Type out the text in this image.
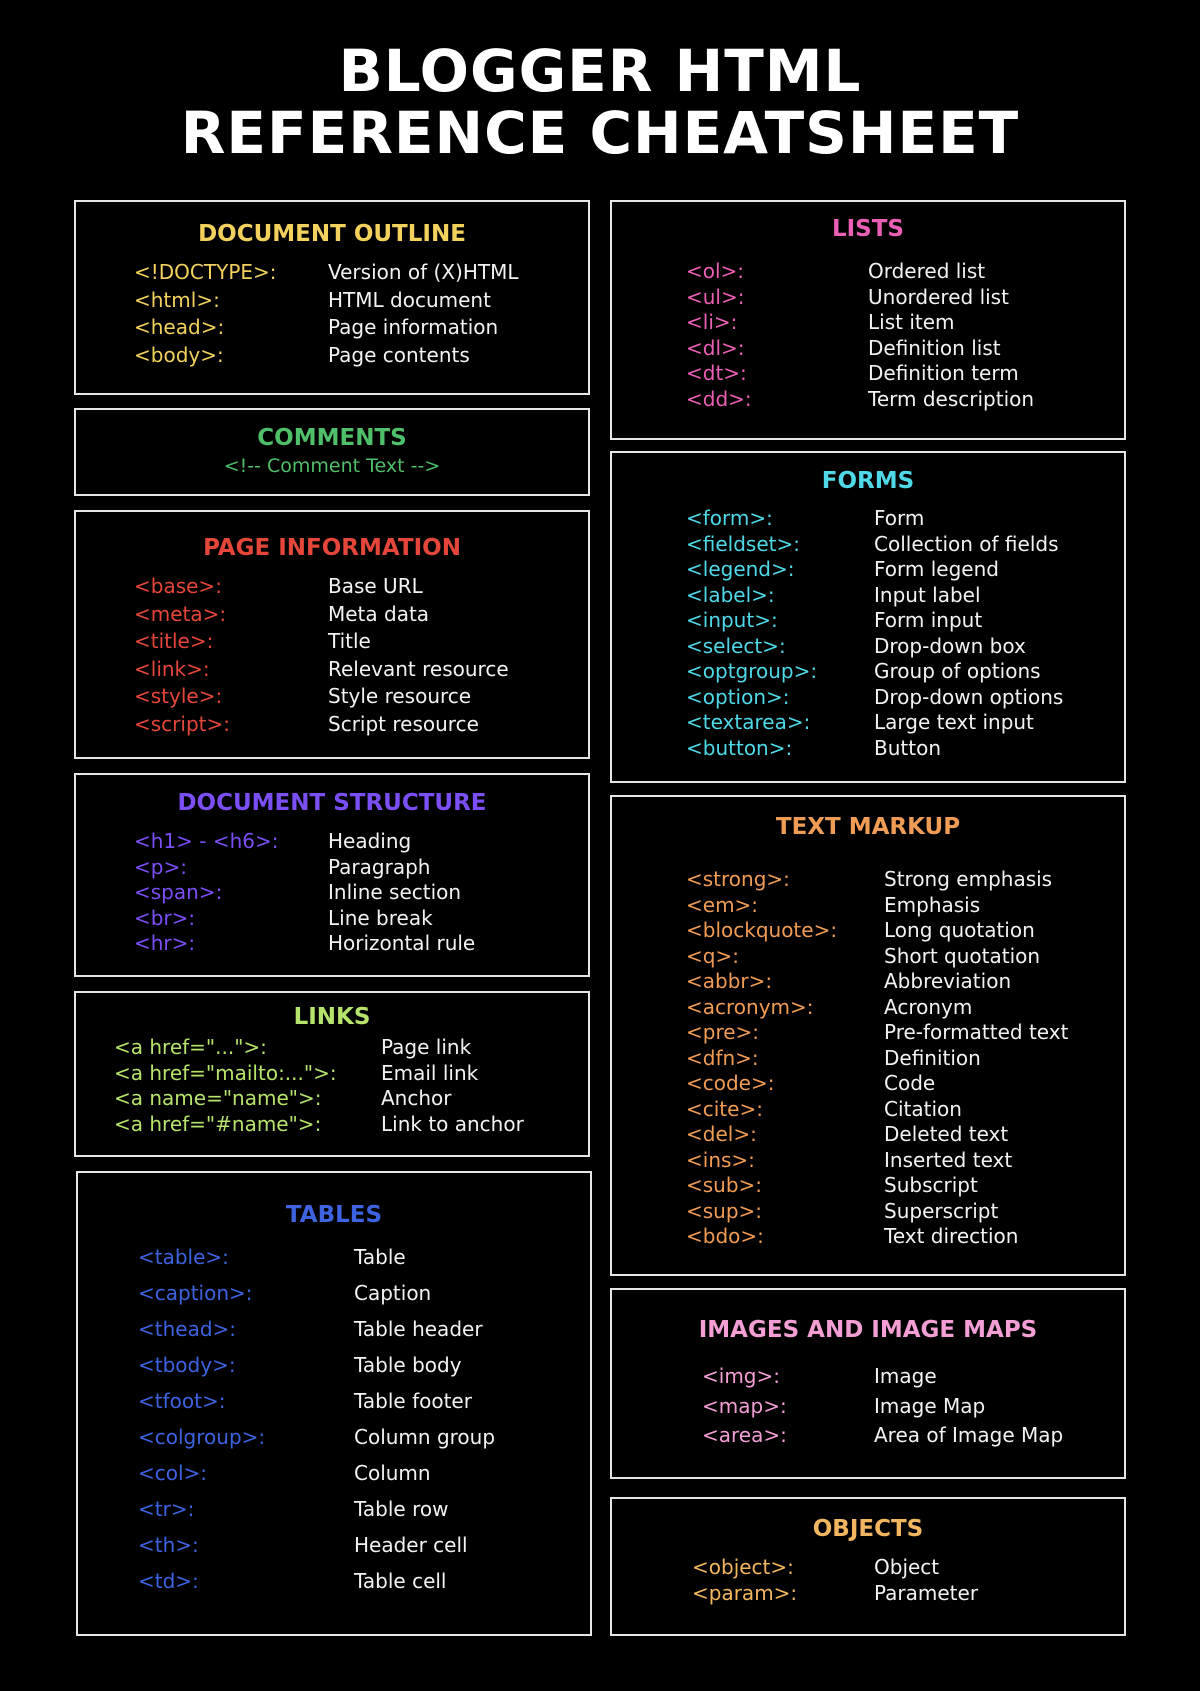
BLOGGER HTML
REFERENCE CHEATSHEET
DOCUMENT OUTLINE
<!DOCTYPE>:	Version of (X)HTML
<html>:	HTML document
<head>:	Page information
<body>:	Page contents
COMMENTS
<!-- Comment Text -->
PAGE INFORMATION
<base>:	Base URL
<meta>:	Meta data
<title>:	Title
<link>:	Relevant resource
<style>:	Style resource
<script>:	Script resource
DOCUMENT STRUCTURE
<h1> - <h6>: Heading
<p>:	Paragraph
<span>:	Inline section
<br>:	Line break
<hr>:	Horizontal rule
LINKS
<a href="...">:	Page link
<a href="mailto:...">: Email link
<a name="name">:	Anchor
<a href="#name">:	Link to anchor
TABLES
<table>:	Table
<caption>:	Caption
<thead>:	Table header
<tbody>:	Table body
<tfoot>:	Table footer
<colgroup>:	Column group
<col>:	Column
<tr>:	Table row
<th>:	Header cell
<td>:	Table cell
LISTS
<ol>:	Ordered list
<ul>:	Unordered list
<li>:	List item
<dl>:	Definition list
<dt>:	Definition term
<dd>:	Term description
FORMS
<form>:	Form
<fieldset>:	Collection of fields
<legend>:	Form legend
<label>:	Input label
<input>:	Form input
<select>:	Drop-down box
<optgroup>:	Group of options
<option>:	Drop-down options
<textarea>:	Large text input
<button>:	Button
TEXT MARKUP
<strong>:	Strong emphasis
<em>:	Emphasis
<blockquote>: Long quotation
<q>:	Short quotation
<abbr>:	Abbreviation
<acronym>:	Acronym
<pre>:	Pre-formatted text
<dfn>:	Definition
<code>:	Code
<cite>:	Citation
<del>:	Deleted text
<ins>:	Inserted text
<sub>:	Subscript
<sup>:	Superscript
<bdo>:	Text direction
IMAGES AND IMAGE MAPS
<img>:	Image
<map>:	Image Map
<area>:	Area of Image Map
OBJECTS
<object>:	Object
<param>:	Parameter
